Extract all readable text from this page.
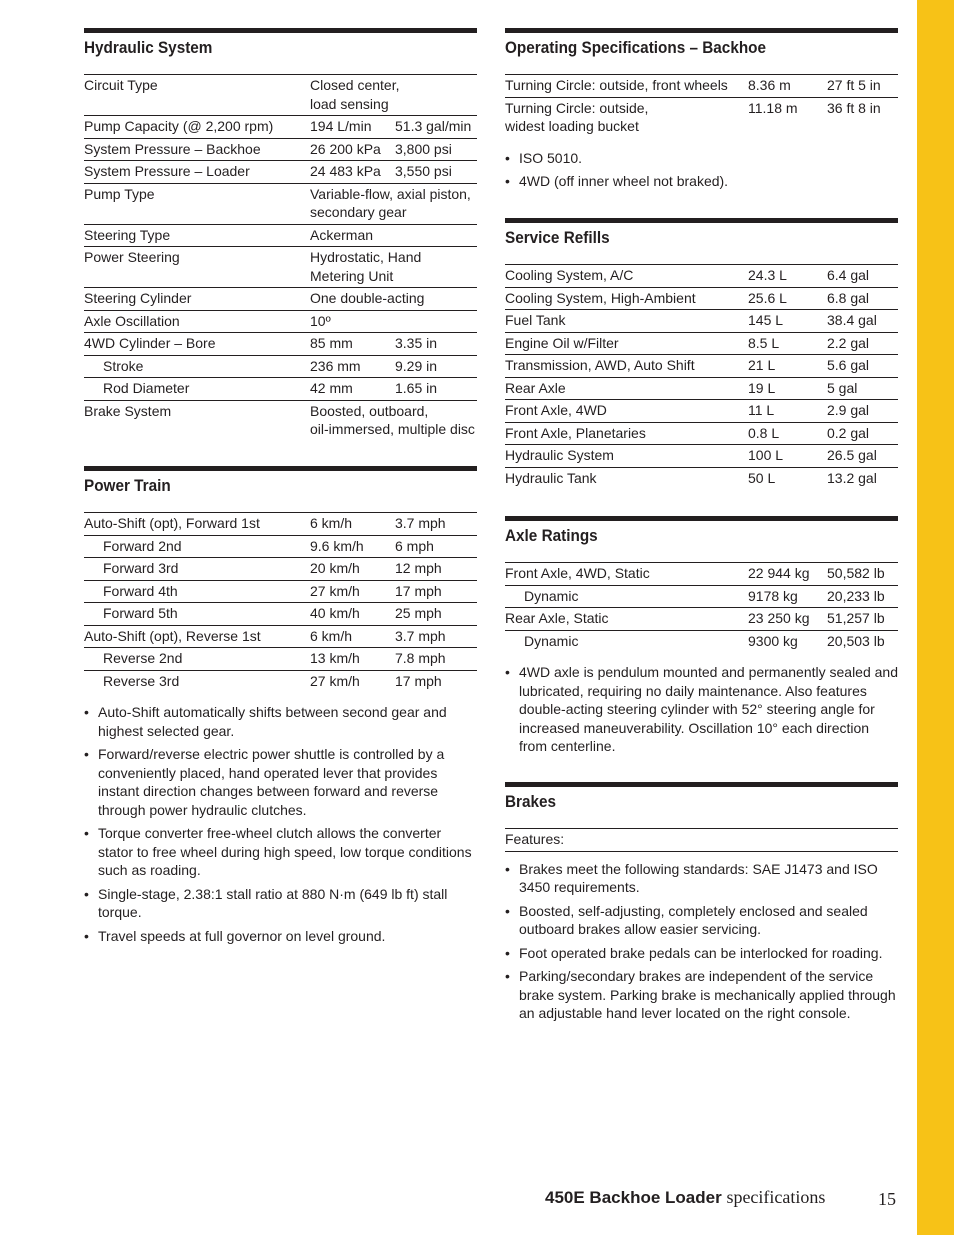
Hydraulic System
Circuit Type	Closed center,
load sensing
Pump Capacity (@ 2,200 rpm)	194 L/min	51.3 gal/min
System Pressure – Backhoe	26 200 kPa	3,800 psi
System Pressure – Loader	24 483 kPa	3,550 psi
Pump Type	Variable-flow, axial piston,
secondary gear
Steering Type	Ackerman
Power Steering	Hydrostatic, Hand
Metering Unit
Steering Cylinder	One double-acting
Axle Oscillation	10º
4WD Cylinder – Bore	85 mm	3.35 in
Stroke	236 mm	9.29 in
Rod Diameter	42 mm	1.65 in
Brake System	Boosted, outboard,
oil-immersed, multiple disc
Power Train
Auto-Shift (opt), Forward 1st	6 km/h	3.7 mph
Forward 2nd	9.6 km/h	6 mph
Forward 3rd	20 km/h	12 mph
Forward 4th	27 km/h	17 mph
Forward 5th	40 km/h	25 mph
Auto-Shift (opt), Reverse 1st	6 km/h	3.7 mph
Reverse 2nd	13 km/h	7.8 mph
Reverse 3rd	27 km/h	17 mph
• Auto-Shift automatically shifts between second gear and highest selected gear.
• Forward/reverse electric power shuttle is controlled by a conveniently placed, hand operated lever that provides instant direction changes between forward and reverse through power hydraulic clutches.
• Torque converter free-wheel clutch allows the converter stator to free wheel during high speed, low torque conditions such as roading.
• Single-stage, 2.38:1 stall ratio at 880 N·m (649 lb ft) stall torque.
• Travel speeds at full governor on level ground.
Operating Specifications – Backhoe
Turning Circle: outside, front wheels	8.36 m	27 ft 5 in
Turning Circle: outside,
widest loading bucket
11.18 m	36 ft 8 in
• ISO 5010.
• 4WD (off inner wheel not braked).
Service Refills
Cooling System, A/C	24.3 L	6.4 gal
Cooling System, High-Ambient	25.6 L	6.8 gal
Fuel Tank	145 L	38.4 gal
Engine Oil w/Filter	8.5 L	2.2 gal
Transmission, AWD, Auto Shift	21 L	5.6 gal
Rear Axle	19 L	5 gal
Front Axle, 4WD	11 L	2.9 gal
Front Axle, Planetaries	0.8 L	0.2 gal
Hydraulic System	100 L	26.5 gal
Hydraulic Tank	50 L	13.2 gal
Axle Ratings
Front Axle, 4WD, Static	22 944 kg	50,582 lb
Dynamic	9178 kg	20,233 lb
Rear Axle, Static	23 250 kg	51,257 lb
Dynamic	9300 kg	20,503 lb
• 4WD axle is pendulum mounted and permanently sealed and lubricated, requiring no daily maintenance. Also features double-acting steering cylinder with 52° steering angle for increased maneuverability. Oscillation 10° each direction from centerline.
Brakes
Features:
• Brakes meet the following standards: SAE J1473 and ISO 3450 requirements.
• Boosted, self-adjusting, completely enclosed and sealed outboard brakes allow easier servicing.
• Foot operated brake pedals can be interlocked for roading.
• Parking/secondary brakes are independent of the service brake system. Parking brake is mechanically applied through an adjustable hand lever located on the right console.
450E Backhoe Loader specifications	15
